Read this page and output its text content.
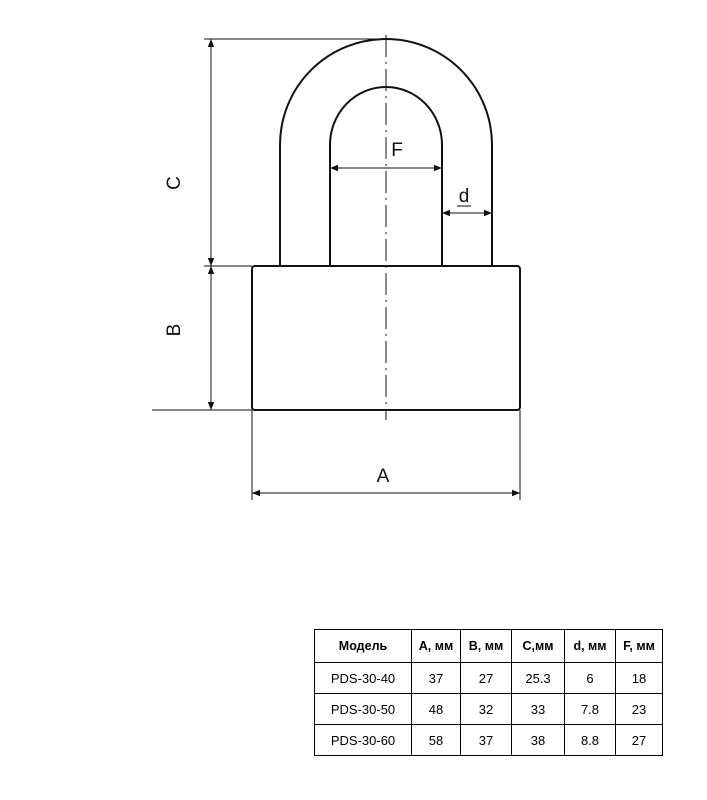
C
B
A
F
d
Модель	A, мм	B, мм	C,мм	d, мм	F, мм
PDS-30-40	37	27	25.3	6	18
PDS-30-50	48	32	33	7.8	23
PDS-30-60	58	37	38	8.8	27
